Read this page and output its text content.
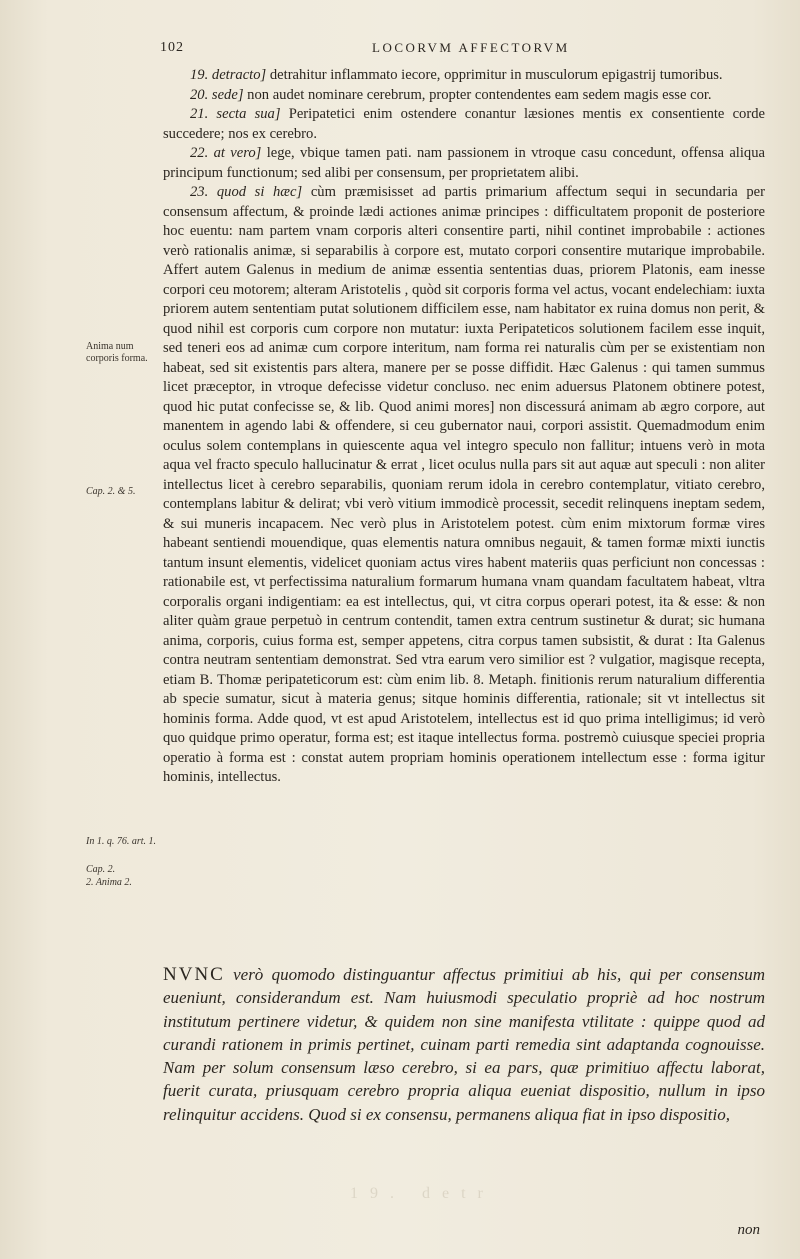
102	LOCORVM AFFECTORVM

19. detracto] detrahitur inflammato iecore, opprimitur in musculorum epigastrij tumoribus.

20. sede] non audet nominare cerebrum, propter contendentes eam sedem magis esse cor.

21. secta sua] Peripatetici enim ostendere conantur læsiones mentis ex consentiente corde succedere; nos ex cerebro.

22. at vero] lege, vbique tamen pati. nam passionem in vtroque casu concedunt, offensa aliqua principum functionum; sed alibi per consensum, per proprietatem alibi.

23. quod si hæc] cùm præmisisset ad partis primarium affectum sequi in secundaria per consensum affectum, & proinde lædi actiones animæ principes : difficultatem proponit de posteriore hoc euentu: nam partem vnam corporis alteri consentire parti, nihil continet improbabile : actiones verò rationalis animæ, si separabilis à corpore est, mutato corpori consentire mutarique improbabile. Affert autem Galenus in medium de animæ essentia sententias duas, priorem Platonis, eam inesse corpori ceu motorem; alteram Aristotelis , quòd sit corporis forma vel actus, vocant endelechiam: iuxta priorem autem sententiam putat solutionem difficilem esse, nam habitator ex ruina domus non perit, & quod nihil est corporis cum corpore non mutatur: iuxta Peripateticos solutionem facilem esse inquit, sed teneri eos ad animæ cum corpore interitum, nam forma rei naturalis cùm per se existentiam non habeat, sed sit existentis pars altera, manere per se posse diffidit. Hæc Galenus : qui tamen summus licet præceptor, in vtroque defecisse videtur concluso. nec enim aduersus Platonem obtinere potest, quod hic putat confecisse se, & lib. Quod animi mores] non discessurá animam ab ægro corpore, aut manentem in agendo labi & offendere, si ceu gubernator naui, corpori assistit. Quemadmodum enim oculus solem contemplans in quiescente aqua vel integro speculo non fallitur; intuens verò in mota aqua vel fracto speculo hallucinatur & errat , licet oculus nulla pars sit aut aquæ aut speculi : non aliter intellectus licet à cerebro separabilis, quoniam rerum idola in cerebro contemplatur, vitiato cerebro, contemplans labitur & delirat; vbi verò vitium immodicè processit, secedit relinquens ineptam sedem, & sui muneris incapacem. Nec verò plus in Aristotelem potest. cùm enim mixtorum formæ vires habeant sentiendi mouendique, quas elementis natura omnibus negauit, & tamen formæ mixti iunctis tantum insunt elementis, videlicet quoniam actus vires habent materiis quas perficiunt non concessas : rationabile est, vt perfectissima naturalium formarum humana vnam quandam facultatem habeat, vltra corporalis organi indigentiam: ea est intellectus, qui, vt citra corpus operari potest, ita & esse: & non aliter quàm graue perpetuò in centrum contendit, tamen extra centrum sustinetur & durat; sic humana anima, corporis, cuius forma est, semper appetens, citra corpus tamen subsistit, & durat : Ita Galenus contra neutram sententiam demonstrat. Sed vtra earum vero similior est ? vulgatior, magisque recepta, etiam B. Thomæ peripateticorum est: cùm enim lib. 8. Metaph. finitionis rerum naturalium differentia ab specie sumatur, sicut à materia genus; sitque hominis differentia, rationale; sit vt intellectus sit hominis forma. Adde quod, vt est apud Aristotelem, intellectus est id quo prima intelligimus; id verò quo quidque primo operatur, forma est; est itaque intellectus forma. postremò cuiusque speciei propria operatio à forma est : constat autem propriam hominis operationem intellectum esse : forma igitur hominis, intellectus.

Anima num corporis forma.
Cap. 2. & 5.
In 1. q. 76. art. 1.
Cap. 2.
2. Anima 2.
NVNC verò quomodo distinguantur affectus primitiui ab his, qui per consensum eueniunt, considerandum est. Nam huiusmodi speculatio propriè ad hoc nostrum institutum pertinere videtur, & quidem non sine manifesta vtilitate : quippe quod ad curandi rationem in primis pertinet, cuinam parti remedia sint adaptanda cognouisse. Nam per solum consensum læso cerebro, si ea pars, quæ primitiuo affectu laborat, fuerit curata, priusquam cerebro propria aliqua eueniat dispositio, nullum in ipso relinquitur accidens. Quod si ex consensu, permanens aliqua fiat in ipso dispositio,
19. detr
non
